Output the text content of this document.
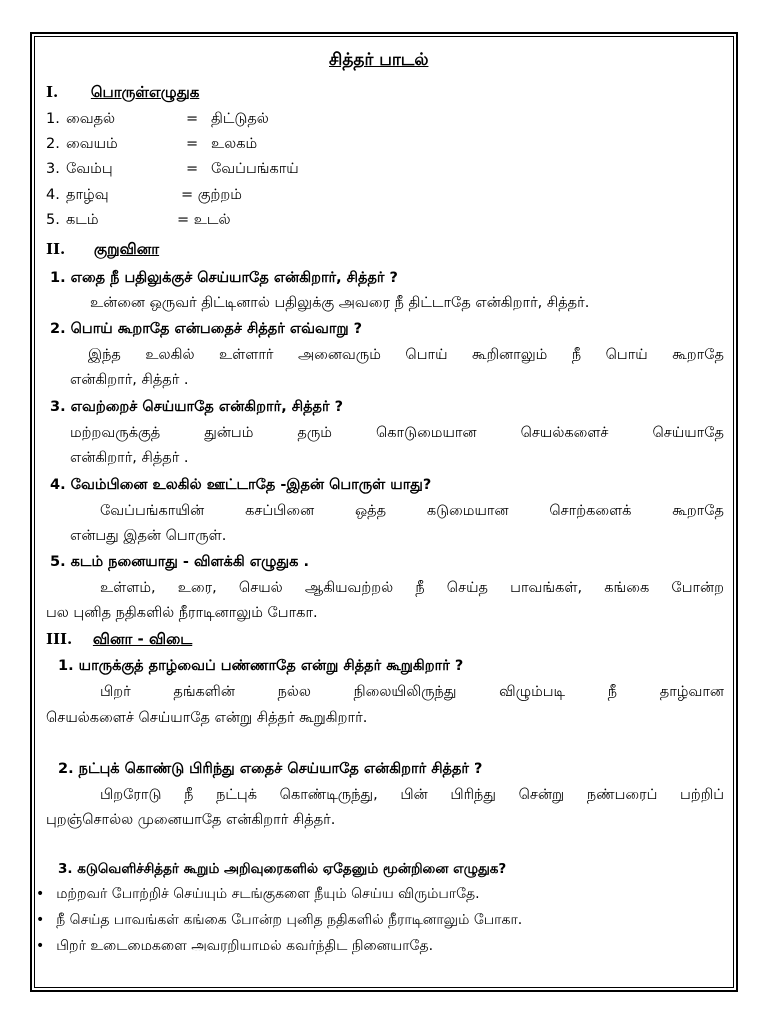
சித்தர் பாடல்
I. பொருள்எழுதுக
1. வைதல்	= திட்டுதல்
2. வையம்	= உலகம்
3. வேம்பு	= வேப்பங்காய்
4. தாழ்வு	= குற்றம்
5. கடம்	= உடல்
II. குறுவினா
1. எதை நீ பதிலுக்குச் செய்யாதே என்கிறார், சித்தர் ?
உன்னை ஒருவர் திட்டினால் பதிலுக்கு அவரை நீ திட்டாதே என்கிறார், சித்தர்.
2. பொய் கூறாதே என்பதைச் சித்தர் எவ்வாறு ?
இந்த உலகில் உள்ளார் அனைவரும் பொய் கூறினாலும் நீ பொய் கூறாதே
என்கிறார், சித்தர் .
3. எவற்றைச் செய்யாதே என்கிறார், சித்தர் ?
மற்றவருக்குத் துன்பம் தரும் கொடுமையான செயல்களைச் செய்யாதே
என்கிறார், சித்தர் .
4. வேம்பினை உலகில் ஊட்டாதே -இதன் பொருள் யாது?
வேப்பங்காயின் கசப்பினை ஒத்த கடுமையான சொற்களைக் கூறாதே
என்பது இதன் பொருள்.
5. கடம் நனையாது - விளக்கி எழுதுக .
உள்ளம், உரை, செயல் ஆகியவற்றல் நீ செய்த பாவங்கள், கங்கை போன்ற
பல புனித நதிகளில் நீராடினாலும் போகா.
III. வினா - விடை
1. யாருக்குத் தாழ்வைப் பண்ணாதே என்று சித்தர் கூறுகிறார் ?
பிறர் தங்களின் நல்ல நிலையிலிருந்து விழும்படி நீ தாழ்வான
செயல்களைச் செய்யாதே என்று சித்தர் கூறுகிறார்.
2. நட்புக் கொண்டு பிரிந்து எதைச் செய்யாதே என்கிறார் சித்தர் ?
பிறரோடு நீ நட்புக் கொண்டிருந்து, பின் பிரிந்து சென்று நண்பரைப் பற்றிப்
புறஞ்சொல்ல முனையாதே என்கிறார் சித்தர்.
3. கடுவெளிச்சித்தர் கூறும் அறிவுரைகளில் ஏதேனும் மூன்றினை எழுதுக?
• மற்றவர் போற்றிச் செய்யும் சடங்குகளை நீயும் செய்ய விரும்பாதே.
• நீ செய்த பாவங்கள் கங்கை போன்ற புனித நதிகளில் நீராடினாலும் போகா.
• பிறர் உடைமைகளை அவரறியாமல் கவர்ந்திட நினையாதே.
